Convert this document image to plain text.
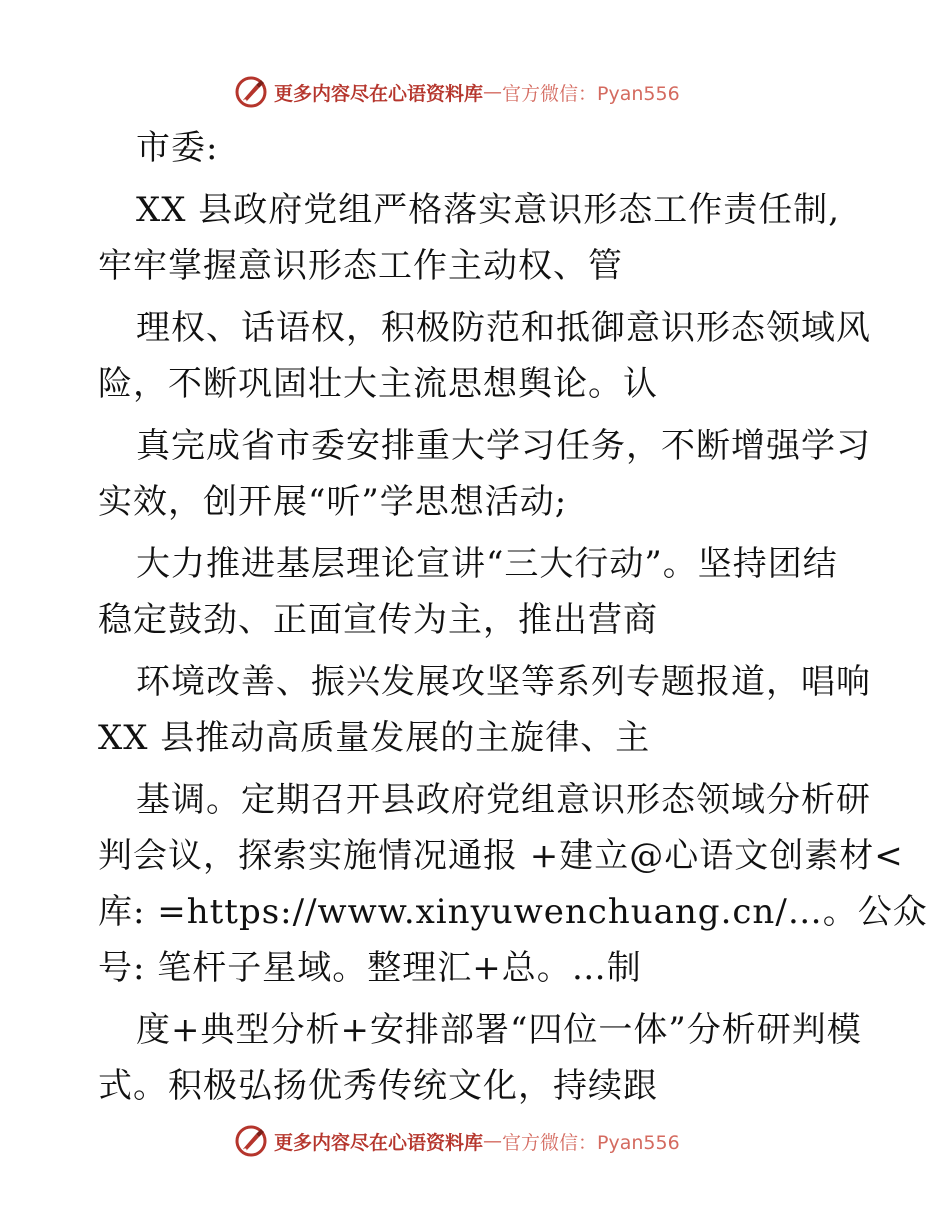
更多内容尽在心语资料库 — 官方微信：Pyan556
市委:
XX 县政府党组严格落实意识形态工作责任制,
牢牢掌握意识形态工作主动权、管
理权、话语权，积极防范和抵御意识形态领域风
险，不断巩固壮大主流思想舆论。认
真完成省市委安排重大学习任务，不断增强学习
实效，创开展“听”学思想活动;
大力推进基层理论宣讲“三大行动”。坚持团结
稳定鼓劲、正面宣传为主，推出营商
环境改善、振兴发展攻坚等系列专题报道，唱响
XX 县推动高质量发展的主旋律、主
基调。定期召开县政府党组意识形态领域分析研
判会议，探索实施情况通报 +建立@心语文创素材<
库: =https://www.xinyuwenchuang.cn/…。公众
号: 笔杆子星域。整理汇+总。…制
度+典型分析+安排部署“四位一体”分析研判模
式。积极弘扬优秀传统文化，持续跟
更多内容尽在心语资料库 — 官方微信：Pyan556
